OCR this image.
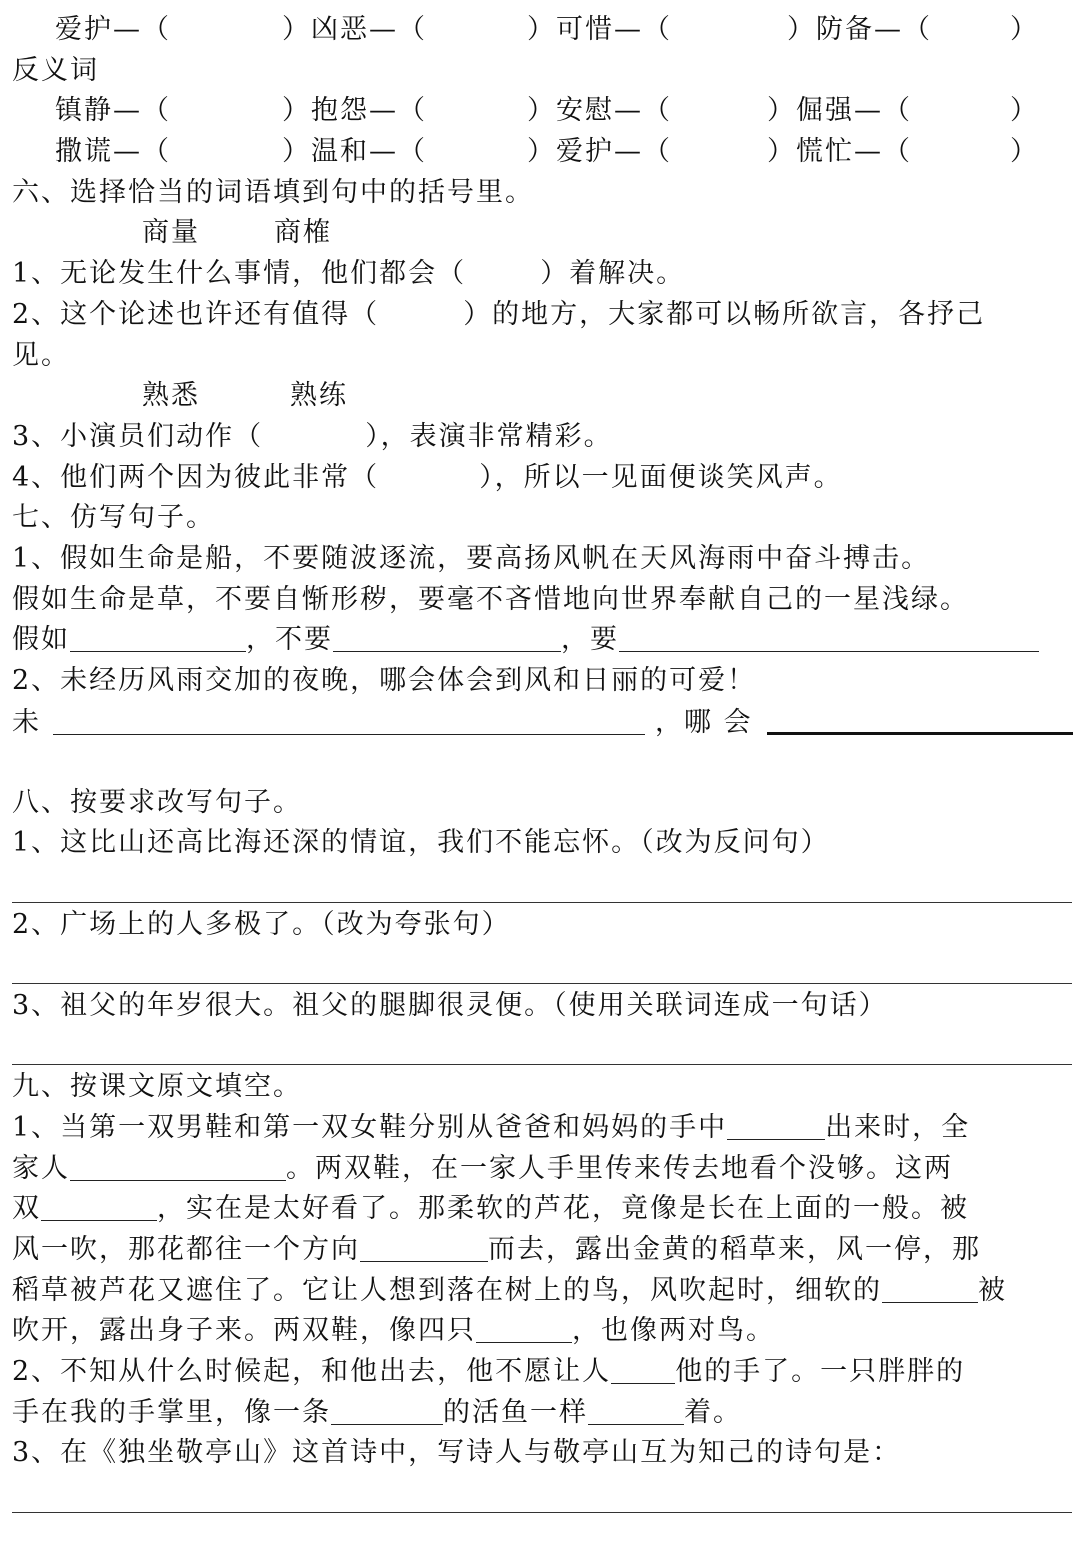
爱护—（	）凶恶—（	）可惜—（	）防备—（	）
反义词
镇静—（	）抱怨—（	）安慰—（	）倔强—（	）
撒谎—（	）温和—（	）爱护—（	）慌忙—（	）
六、选择恰当的词语填到句中的括号里。
商量	商榷
1、无论发生什么事情，他们都会（	）着解决。
2、这个论述也许还有值得（	）的地方，大家都可以畅所欲言，各抒己
见。
熟悉	熟练
3、小演员们动作（	），表演非常精彩。
4、他们两个因为彼此非常（	），所以一见面便谈笑风声。
七、仿写句子。
1、假如生命是船，不要随波逐流，要高扬风帆在天风海雨中奋斗搏击。
假如生命是草，不要自惭形秽，要毫不吝惜地向世界奉献自己的一星浅绿。
假如	，不要	，要
2、未经历风雨交加的夜晚，哪会体会到风和日丽的可爱！
未	，哪 会
八、按要求改写句子。
1、这比山还高比海还深的情谊，我们不能忘怀。（改为反问句）
2、广场上的人多极了。（改为夸张句）
3、祖父的年岁很大。祖父的腿脚很灵便。（使用关联词连成一句话）
九、按课文原文填空。
1、当第一双男鞋和第一双女鞋分别从爸爸和妈妈的手中	出来时，全
家人	。两双鞋，在一家人手里传来传去地看个没够。这两
双	，实在是太好看了。那柔软的芦花，竟像是长在上面的一般。被
风一吹，那花都往一个方向	而去，露出金黄的稻草来，风一停，那
稻草被芦花又遮住了。它让人想到落在树上的鸟，风吹起时，细软的	被
吹开，露出身子来。两双鞋，像四只	，也像两对鸟。
2、不知从什么时候起，和他出去，他不愿让人 他的手了。一只胖胖的
手在我的手掌里，像一条	的活鱼一样	着。
3、在《独坐敬亭山》这首诗中，写诗人与敬亭山互为知己的诗句是：
